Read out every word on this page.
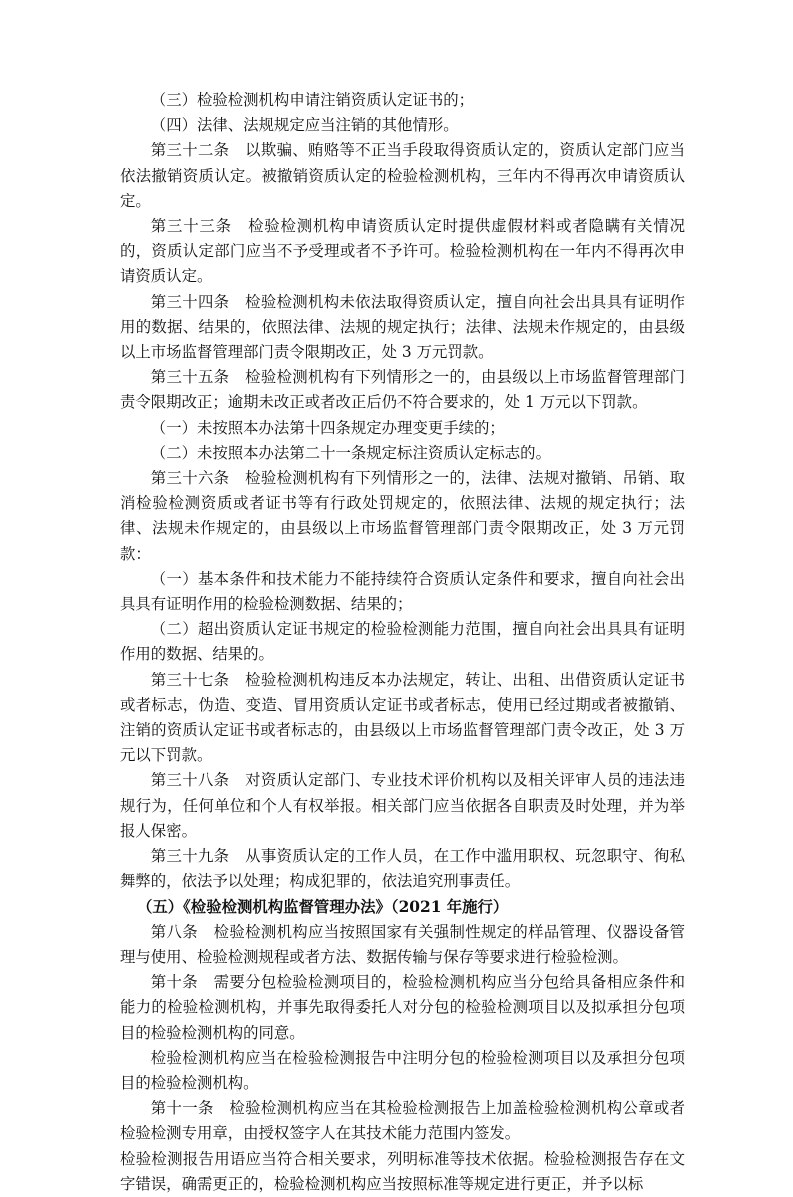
（三）检验检测机构申请注销资质认定证书的；

（四）法律、法规规定应当注销的其他情形。

第三十二条　以欺骗、贿赂等不正当手段取得资质认定的，资质认定部门应当依法撤销资质认定。被撤销资质认定的检验检测机构，三年内不得再次申请资质认定。

第三十三条　检验检测机构申请资质认定时提供虚假材料或者隐瞒有关情况的，资质认定部门应当不予受理或者不予许可。检验检测机构在一年内不得再次申请资质认定。

第三十四条　检验检测机构未依法取得资质认定，擅自向社会出具具有证明作用的数据、结果的，依照法律、法规的规定执行；法律、法规未作规定的，由县级以上市场监督管理部门责令限期改正，处 3 万元罚款。

第三十五条　检验检测机构有下列情形之一的，由县级以上市场监督管理部门责令限期改正；逾期未改正或者改正后仍不符合要求的，处 1 万元以下罚款。

（一）未按照本办法第十四条规定办理变更手续的；

（二）未按照本办法第二十一条规定标注资质认定标志的。

第三十六条　检验检测机构有下列情形之一的，法律、法规对撤销、吊销、取消检验检测资质或者证书等有行政处罚规定的，依照法律、法规的规定执行；法律、法规未作规定的，由县级以上市场监督管理部门责令限期改正，处 3 万元罚款：

（一）基本条件和技术能力不能持续符合资质认定条件和要求，擅自向社会出具具有证明作用的检验检测数据、结果的；

（二）超出资质认定证书规定的检验检测能力范围，擅自向社会出具具有证明作用的数据、结果的。

第三十七条　检验检测机构违反本办法规定，转让、出租、出借资质认定证书或者标志，伪造、变造、冒用资质认定证书或者标志，使用已经过期或者被撤销、注销的资质认定证书或者标志的，由县级以上市场监督管理部门责令改正，处 3 万元以下罚款。

第三十八条　对资质认定部门、专业技术评价机构以及相关评审人员的违法违规行为，任何单位和个人有权举报。相关部门应当依据各自职责及时处理，并为举报人保密。

第三十九条　从事资质认定的工作人员，在工作中滥用职权、玩忽职守、徇私舞弊的，依法予以处理；构成犯罪的，依法追究刑事责任。

（五）《检验检测机构监督管理办法》（2021 年施行）

第八条　检验检测机构应当按照国家有关强制性规定的样品管理、仪器设备管理与使用、检验检测规程或者方法、数据传输与保存等要求进行检验检测。

第十条　需要分包检验检测项目的，检验检测机构应当分包给具备相应条件和能力的检验检测机构，并事先取得委托人对分包的检验检测项目以及拟承担分包项目的检验检测机构的同意。

检验检测机构应当在检验检测报告中注明分包的检验检测项目以及承担分包项目的检验检测机构。

第十一条　检验检测机构应当在其检验检测报告上加盖检验检测机构公章或者检验检测专用章，由授权签字人在其技术能力范围内签发。

检验检测报告用语应当符合相关要求，列明标准等技术依据。检验检测报告存在文字错误，确需更正的，检验检测机构应当按照标准等规定进行更正，并予以标
